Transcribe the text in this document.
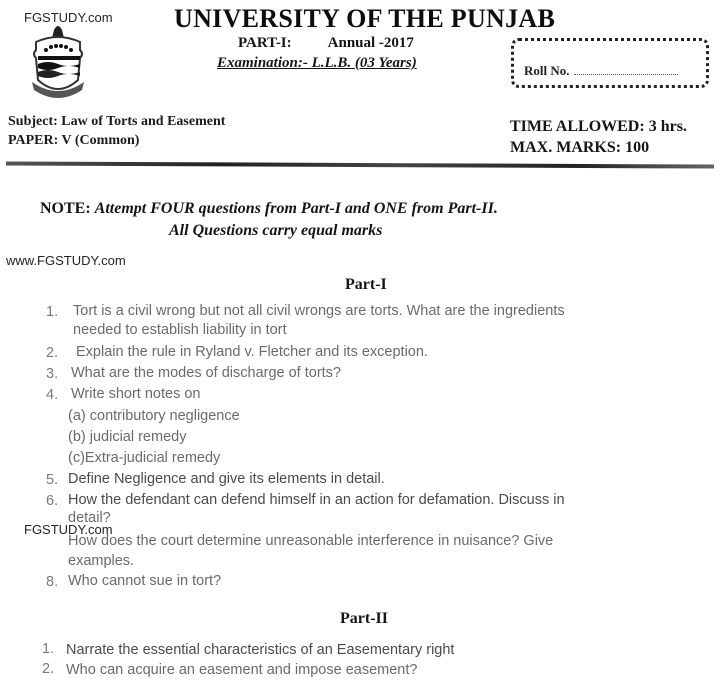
FGSTUDY.com
www.FGSTUDY.com
FGSTUDY.com
UNIVERSITY OF THE PUNJAB
PART-I: Annual -2017
Examination:- L.L.B. (03 Years)	Roll No.
Subject: Law of Torts and Easement
PAPER: V (Common)
TIME ALLOWED: 3 hrs.
MAX. MARKS: 100
NOTE: Attempt FOUR questions from Part-I and ONE from Part-II.
All Questions carry equal marks
Part-I
1. Tort is a civil wrong but not all civil wrongs are torts. What are the ingredients
needed to establish liability in tort
2. Explain the rule in Ryland v. Fletcher and its exception.
3. What are the modes of discharge of torts?
4. Write short notes on
(a) contributory negligence
(b) judicial remedy
(c)Extra-judicial remedy
5. Define Negligence and give its elements in detail.
6. How the defendant can defend himself in an action for defamation. Discuss in
detail?
How does the court determine unreasonable interference in nuisance? Give
examples.
8. Who cannot sue in tort?
Part-II
1. Narrate the essential characteristics of an Easementary right
2. Who can acquire an easement and impose easement?
